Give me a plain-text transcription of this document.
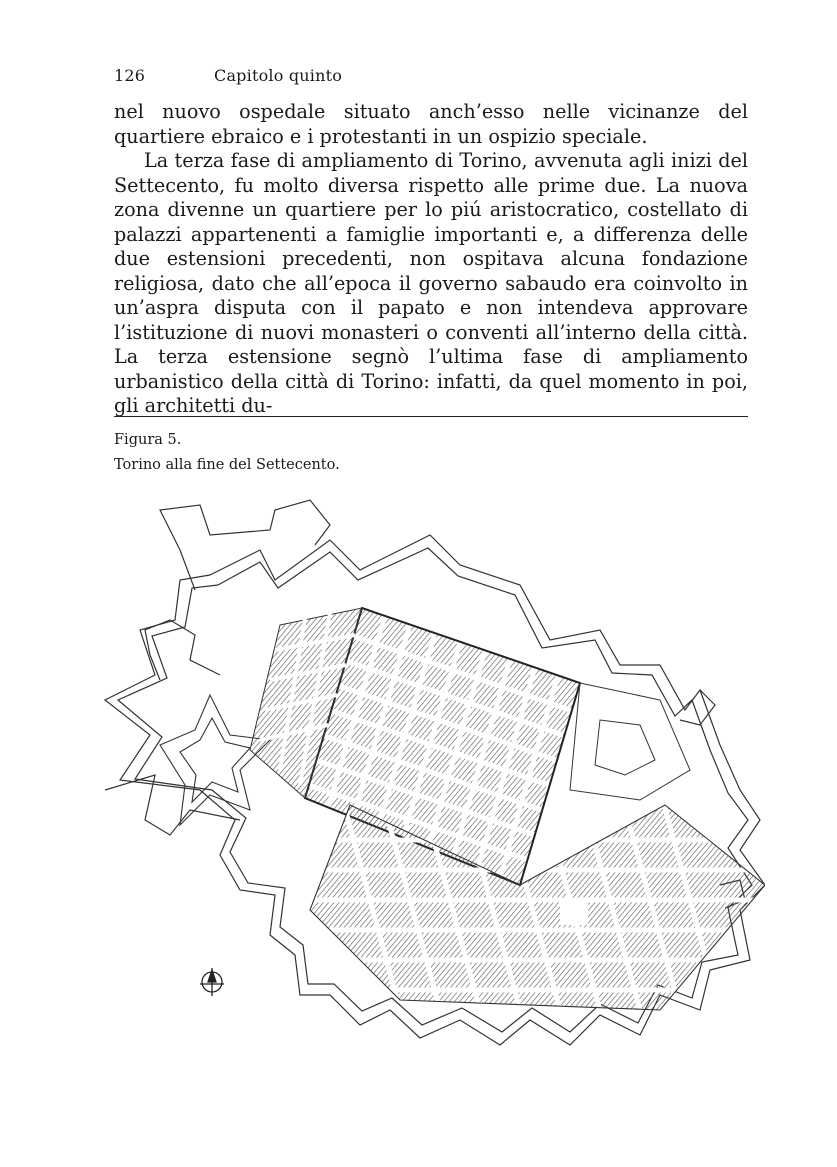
126	Capitolo quinto

nel nuovo ospedale situato anch’esso nelle vicinanze del quartiere ebraico e i protestanti in un ospizio speciale.

La terza fase di ampliamento di Torino, avvenuta agli inizi del Settecento, fu molto diversa rispetto alle prime due. La nuova zona divenne un quartiere per lo piú aristocratico, costellato di palazzi appartenenti a famiglie importanti e, a differenza delle due estensioni precedenti, non ospitava alcuna fondazione religiosa, dato che all’epoca il governo sabaudo era coinvolto in un’aspra disputa con il papato e non intendeva approvare l’istituzione di nuovi monasteri o conventi all’interno della città. La terza estensione segnò l’ultima fase di ampliamento urbanistico della città di Torino: infatti, da quel momento in poi, gli architetti du-

Figura 5.
Torino alla fine del Settecento.
